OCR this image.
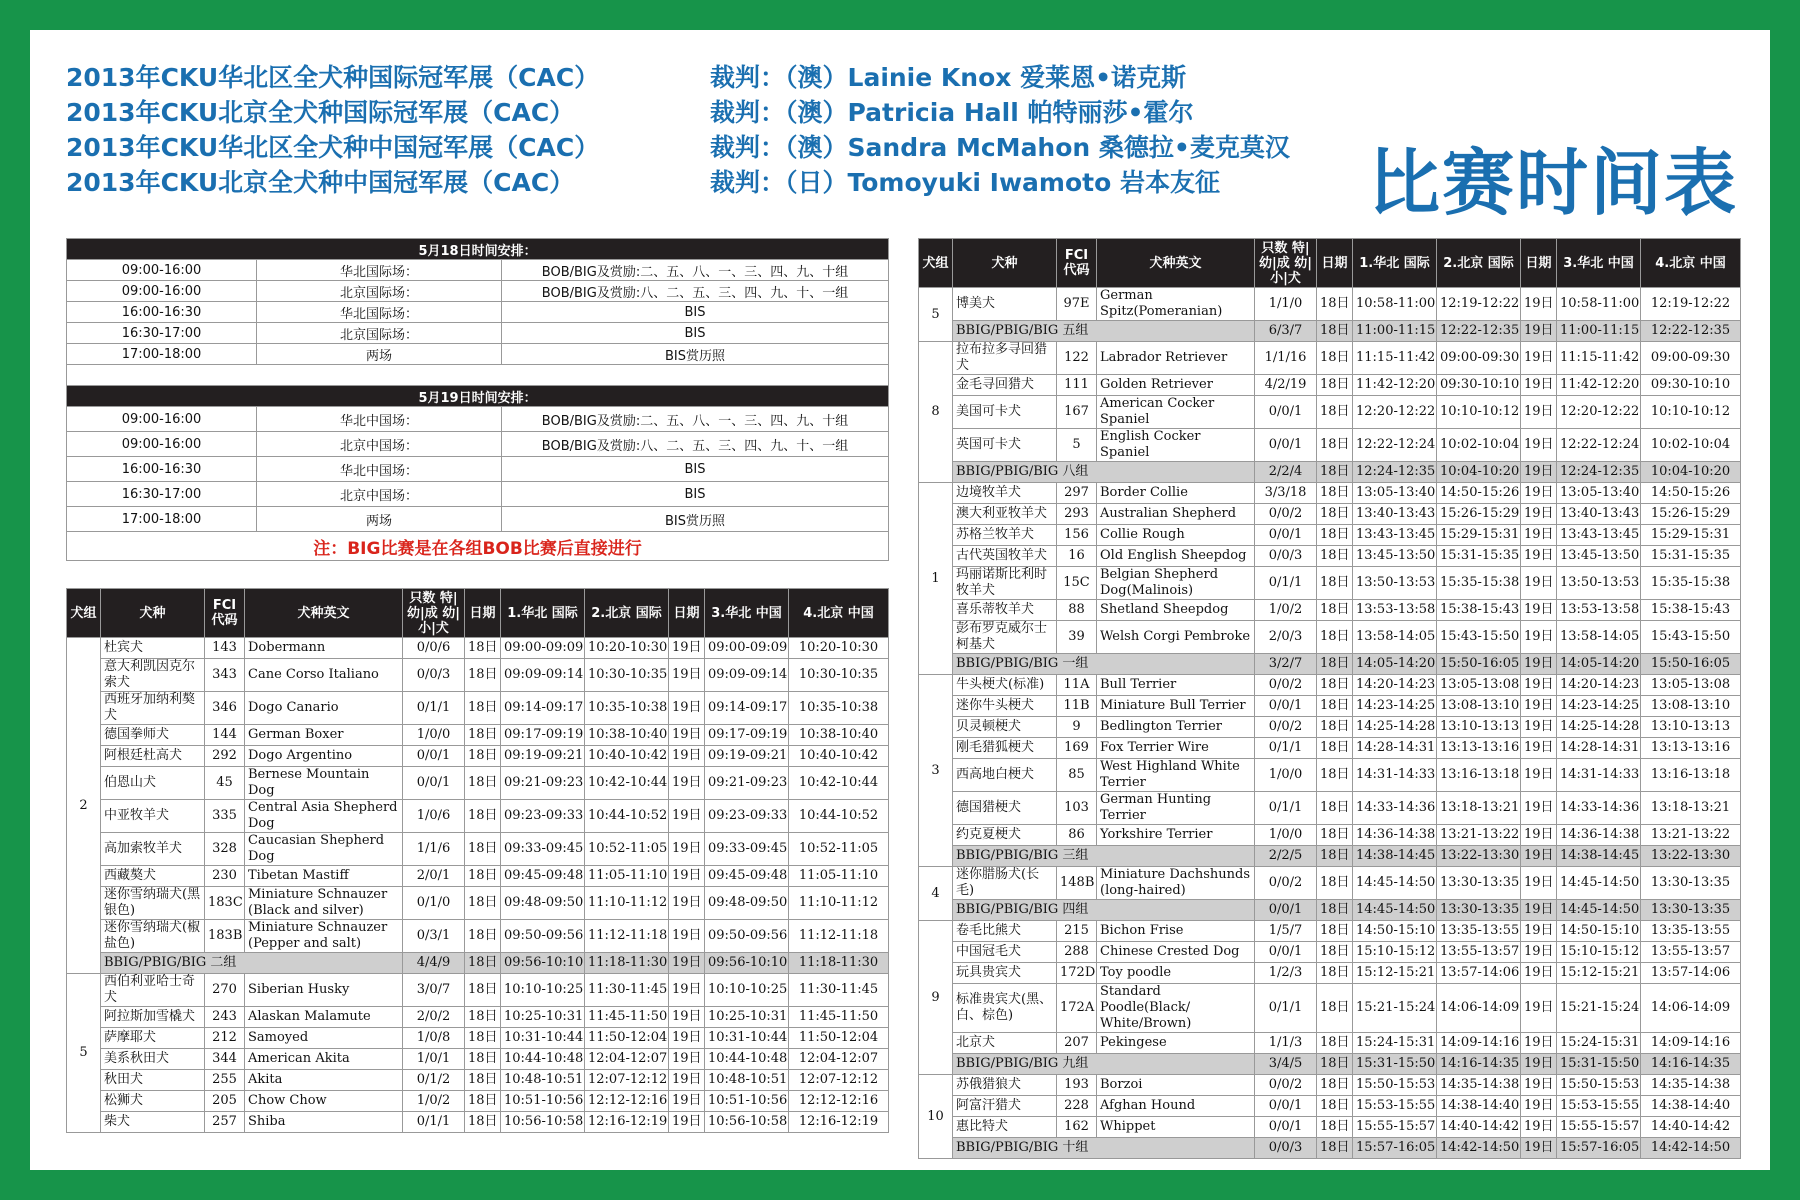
2013年CKU华北区全犬种国际冠军展（CAC）
2013年CKU北京全犬种国际冠军展（CAC）
2013年CKU华北区全犬种中国冠军展（CAC）
2013年CKU北京全犬种中国冠军展（CAC）
裁判：（澳）Lainie Knox 爱莱恩•诺克斯
裁判：（澳）Patricia Hall 帕特丽莎•霍尔
裁判：（澳）Sandra McMahon 桑德拉•麦克莫汉
裁判：（日）Tomoyuki Iwamoto 岩本友征 比赛时间表
5月18日时间安排：		
09:00-16:00	华北国际场：	BOB/BIG及赏励:二、五、八、一、三、四、九、十组
09:00-16:00	北京国际场：	BOB/BIG及赏励:八、二、五、三、四、九、十、一组
16:00-16:30	华北国际场：	BIS
16:30-17:00	北京国际场：	BIS
17:00-18:00	两场	BIS赏历照

5月19日时间安排：		
09:00-16:00	华北中国场：	BOB/BIG及赏励:二、五、八、一、三、四、九、十组
09:00-16:00	北京中国场：	BOB/BIG及赏励:八、二、五、三、四、九、十、一组
16:00-16:30	华北中国场：	BIS
16:30-17:00	北京中国场：	BIS
17:00-18:00	两场	BIS赏历照
注：BIG比赛是在各组BOB比赛后直接进行		
犬组	犬种	FCI代码	犬种英文	只数 特|幼|成 幼|小|犬	日期	1.华北 国际	2.北京 国际	日期	3.华北 中国	4.北京 中国
2	杜宾犬	143	Dobermann	0/0/6	18日	09:00-09:09	10:20-10:30	19日	09:00-09:09	10:20-10:30
	意大利凯因克尔索犬	343	Cane Corso Italiano	0/0/3	18日	09:09-09:14	10:30-10:35	19日	09:09-09:14	10:30-10:35
	西班牙加纳利獒犬	346	Dogo Canario	0/1/1	18日	09:14-09:17	10:35-10:38	19日	09:14-09:17	10:35-10:38
	德国拳师犬	144	German Boxer	1/0/0	18日	09:17-09:19	10:38-10:40	19日	09:17-09:19	10:38-10:40
	阿根廷杜高犬	292	Dogo Argentino	0/0/1	18日	09:19-09:21	10:40-10:42	19日	09:19-09:21	10:40-10:42
	伯恩山犬	45	Bernese Mountain Dog	0/0/1	18日	09:21-09:23	10:42-10:44	19日	09:21-09:23	10:42-10:44
	中亚牧羊犬	335	Central Asia Shepherd Dog	1/0/6	18日	09:23-09:33	10:44-10:52	19日	09:23-09:33	10:44-10:52
	高加索牧羊犬	328	Caucasian Shepherd Dog	1/1/6	18日	09:33-09:45	10:52-11:05	19日	09:33-09:45	10:52-11:05
	西藏獒犬	230	Tibetan Mastiff	2/0/1	18日	09:45-09:48	11:05-11:10	19日	09:45-09:48	11:05-11:10
	迷你雪纳瑞犬(黑银色)	183C	Miniature Schnauzer (Black and silver)	0/1/0	18日	09:48-09:50	11:10-11:12	19日	09:48-09:50	11:10-11:12
	迷你雪纳瑞犬(椒盐色)	183B	Miniature Schnauzer (Pepper and salt)	0/3/1	18日	09:50-09:56	11:12-11:18	19日	09:50-09:56	11:12-11:18
	BBIG/PBIG/BIG 二组			4/4/9	18日	09:56-10:10	11:18-11:30	19日	09:56-10:10	11:18-11:30
5	西伯利亚哈士奇犬	270	Siberian Husky	3/0/7	18日	10:10-10:25	11:30-11:45	19日	10:10-10:25	11:30-11:45
	阿拉斯加雪橇犬	243	Alaskan Malamute	2/0/2	18日	10:25-10:31	11:45-11:50	19日	10:25-10:31	11:45-11:50
	萨摩耶犬	212	Samoyed	1/0/8	18日	10:31-10:44	11:50-12:04	19日	10:31-10:44	11:50-12:04
	美系秋田犬	344	American Akita	1/0/1	18日	10:44-10:48	12:04-12:07	19日	10:44-10:48	12:04-12:07
	秋田犬	255	Akita	0/1/2	18日	10:48-10:51	12:07-12:12	19日	10:48-10:51	12:07-12:12
	松狮犬	205	Chow Chow	1/0/2	18日	10:51-10:56	12:12-12:16	19日	10:51-10:56	12:12-12:16
	柴犬	257	Shiba	0/1/1	18日	10:56-10:58	12:16-12:19	19日	10:56-10:58	12:16-12:19
犬组	犬种	FCI代码	犬种英文	只数 特|幼|成 幼|小|犬	日期	1.华北 国际	2.北京 国际	日期	3.华北 中国	4.北京 中国
5	博美犬	97E	German Spitz(Pomeranian)	1/1/0	18日	10:58-11:00	12:19-12:22	19日	10:58-11:00	12:19-12:22
	BBIG/PBIG/BIG 五组			6/3/7	18日	11:00-11:15	12:22-12:35	19日	11:00-11:15	12:22-12:35
8	拉布拉多寻回猎犬	122	Labrador Retriever	1/1/16	18日	11:15-11:42	09:00-09:30	19日	11:15-11:42	09:00-09:30
	金毛寻回猎犬	111	Golden Retriever	4/2/19	18日	11:42-12:20	09:30-10:10	19日	11:42-12:20	09:30-10:10
	美国可卡犬	167	American Cocker Spaniel	0/0/1	18日	12:20-12:22	10:10-10:12	19日	12:20-12:22	10:10-10:12
	英国可卡犬	5	English Cocker Spaniel	0/0/1	18日	12:22-12:24	10:02-10:04	19日	12:22-12:24	10:02-10:04
	BBIG/PBIG/BIG 八组			2/2/4	18日	12:24-12:35	10:04-10:20	19日	12:24-12:35	10:04-10:20
1	边境牧羊犬	297	Border Collie	3/3/18	18日	13:05-13:40	14:50-15:26	19日	13:05-13:40	14:50-15:26
	澳大利亚牧羊犬	293	Australian Shepherd	0/0/2	18日	13:40-13:43	15:26-15:29	19日	13:40-13:43	15:26-15:29
	苏格兰牧羊犬	156	Collie Rough	0/0/1	18日	13:43-13:45	15:29-15:31	19日	13:43-13:45	15:29-15:31
	古代英国牧羊犬	16	Old English Sheepdog	0/0/3	18日	13:45-13:50	15:31-15:35	19日	13:45-13:50	15:31-15:35
	玛丽诺斯比利时牧羊犬	15C	Belgian Shepherd Dog(Malinois)	0/1/1	18日	13:50-13:53	15:35-15:38	19日	13:50-13:53	15:35-15:38
	喜乐蒂牧羊犬	88	Shetland Sheepdog	1/0/2	18日	13:53-13:58	15:38-15:43	19日	13:53-13:58	15:38-15:43
	彭布罗克威尔士柯基犬	39	Welsh Corgi Pembroke	2/0/3	18日	13:58-14:05	15:43-15:50	19日	13:58-14:05	15:43-15:50
	BBIG/PBIG/BIG 一组			3/2/7	18日	14:05-14:20	15:50-16:05	19日	14:05-14:20	15:50-16:05
3	牛头梗犬(标准)	11A	Bull Terrier	0/0/2	18日	14:20-14:23	13:05-13:08	19日	14:20-14:23	13:05-13:08
	迷你牛头梗犬	11B	Miniature Bull Terrier	0/0/1	18日	14:23-14:25	13:08-13:10	19日	14:23-14:25	13:08-13:10
	贝灵顿梗犬	9	Bedlington Terrier	0/0/2	18日	14:25-14:28	13:10-13:13	19日	14:25-14:28	13:10-13:13
	刚毛猎狐梗犬	169	Fox Terrier Wire	0/1/1	18日	14:28-14:31	13:13-13:16	19日	14:28-14:31	13:13-13:16
	西高地白梗犬	85	West Highland White Terrier	1/0/0	18日	14:31-14:33	13:16-13:18	19日	14:31-14:33	13:16-13:18
	德国猎梗犬	103	German Hunting Terrier	0/1/1	18日	14:33-14:36	13:18-13:21	19日	14:33-14:36	13:18-13:21
	约克夏梗犬	86	Yorkshire Terrier	1/0/0	18日	14:36-14:38	13:21-13:22	19日	14:36-14:38	13:21-13:22
	BBIG/PBIG/BIG 三组			2/2/5	18日	14:38-14:45	13:22-13:30	19日	14:38-14:45	13:22-13:30
4	迷你腊肠犬(长毛)	148B	Miniature Dachshunds (long-haired)	0/0/2	18日	14:45-14:50	13:30-13:35	19日	14:45-14:50	13:30-13:35
	BBIG/PBIG/BIG 四组			0/0/1	18日	14:45-14:50	13:30-13:35	19日	14:45-14:50	13:30-13:35
9	卷毛比熊犬	215	Bichon Frise	1/5/7	18日	14:50-15:10	13:35-13:55	19日	14:50-15:10	13:35-13:55
	中国冠毛犬	288	Chinese Crested Dog	0/0/1	18日	15:10-15:12	13:55-13:57	19日	15:10-15:12	13:55-13:57
	玩具贵宾犬	172D	Toy poodle	1/2/3	18日	15:12-15:21	13:57-14:06	19日	15:12-15:21	13:57-14:06
	标准贵宾犬(黑、白、棕色)	172A	Standard Poodle(Black/ White/Brown)	0/1/1	18日	15:21-15:24	14:06-14:09	19日	15:21-15:24	14:06-14:09
	北京犬	207	Pekingese	1/1/3	18日	15:24-15:31	14:09-14:16	19日	15:24-15:31	14:09-14:16
	BBIG/PBIG/BIG 九组			3/4/5	18日	15:31-15:50	14:16-14:35	19日	15:31-15:50	14:16-14:35
10	苏俄猎狼犬	193	Borzoi	0/0/2	18日	15:50-15:53	14:35-14:38	19日	15:50-15:53	14:35-14:38
	阿富汗猎犬	228	Afghan Hound	0/0/1	18日	15:53-15:55	14:38-14:40	19日	15:53-15:55	14:38-14:40
	惠比特犬	162	Whippet	0/0/1	18日	15:55-15:57	14:40-14:42	19日	15:55-15:57	14:40-14:42
	BBIG/PBIG/BIG 十组			0/0/3	18日	15:57-16:05	14:42-14:50	19日	15:57-16:05	14:42-14:50
